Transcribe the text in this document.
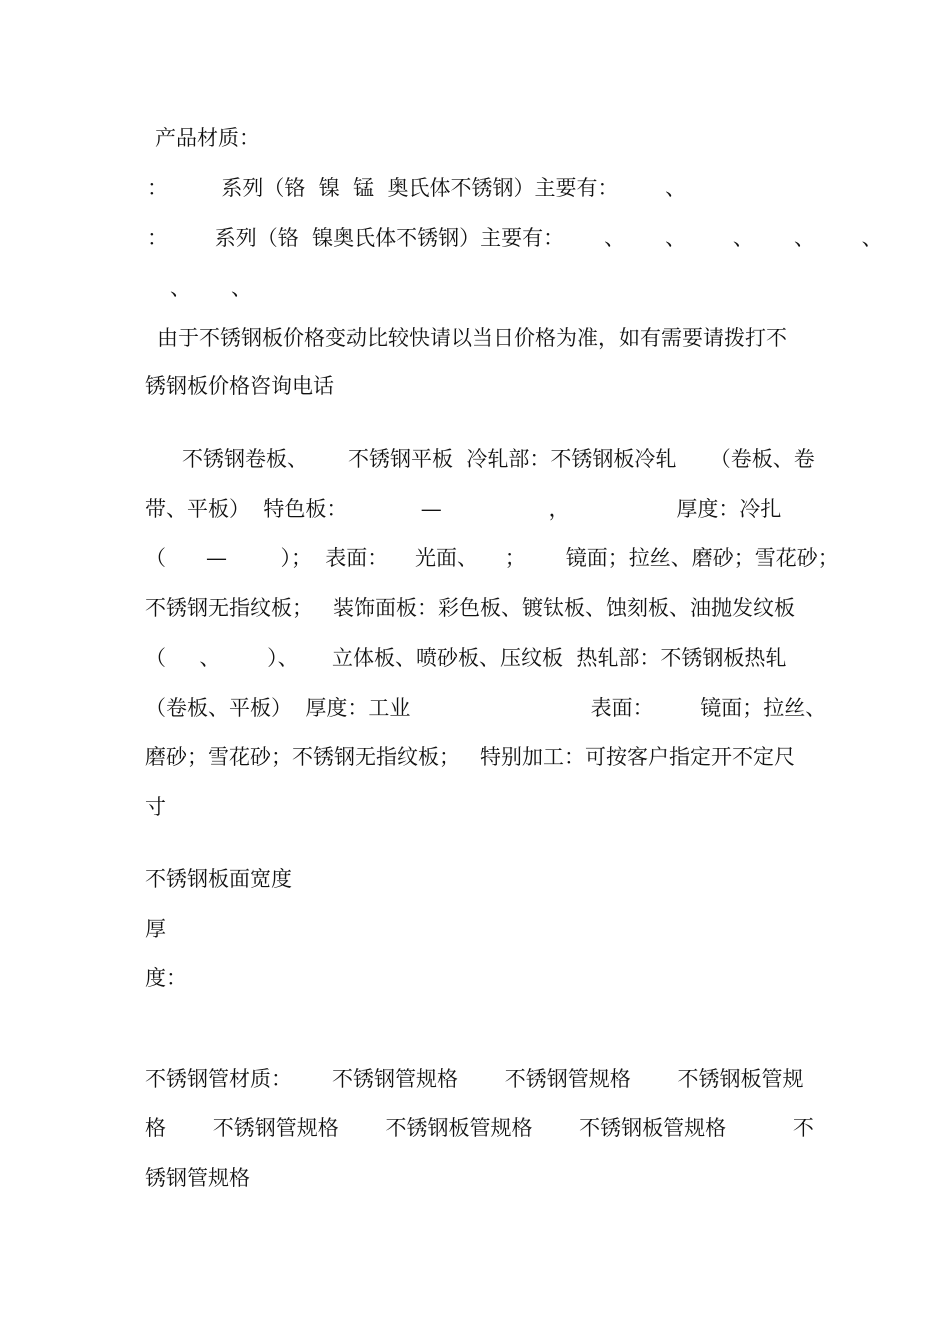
产品材质：
：        系列（铬  镍  锰  奥氏体不锈钢）主要有：       、
：       系列（铬  镍奥氏体不锈钢）主要有：      、      、       、      、       、
、      、
由于不锈钢板价格变动比较快请以当日价格为准，如有需要请拨打不
锈钢板价格咨询电话
不锈钢卷板、      不锈钢平板  冷轧部：不锈钢板冷轧     （卷板、卷
带、平板）  特色板：           —                ，                厚度：冷扎
（      —        ）；  表面：    光面、    ；      镜面；拉丝、磨砂；雪花砂；
不锈钢无指纹板；   装饰面板：彩色板、镀钛板、蚀刻板、油抛发纹板
（     、       ）、     立体板、喷砂板、压纹板  热轧部：不锈钢板热轧
（卷板、平板）  厚度：工业                           表面：       镜面；拉丝、
磨砂；雪花砂；不锈钢无指纹板；   特别加工：可按客户指定开不定尺
寸
不锈钢板面宽度
厚
度：
不锈钢管材质：      不锈钢管规格       不锈钢管规格       不锈钢板管规
格       不锈钢管规格       不锈钢板管规格       不锈钢板管规格          不
锈钢管规格
